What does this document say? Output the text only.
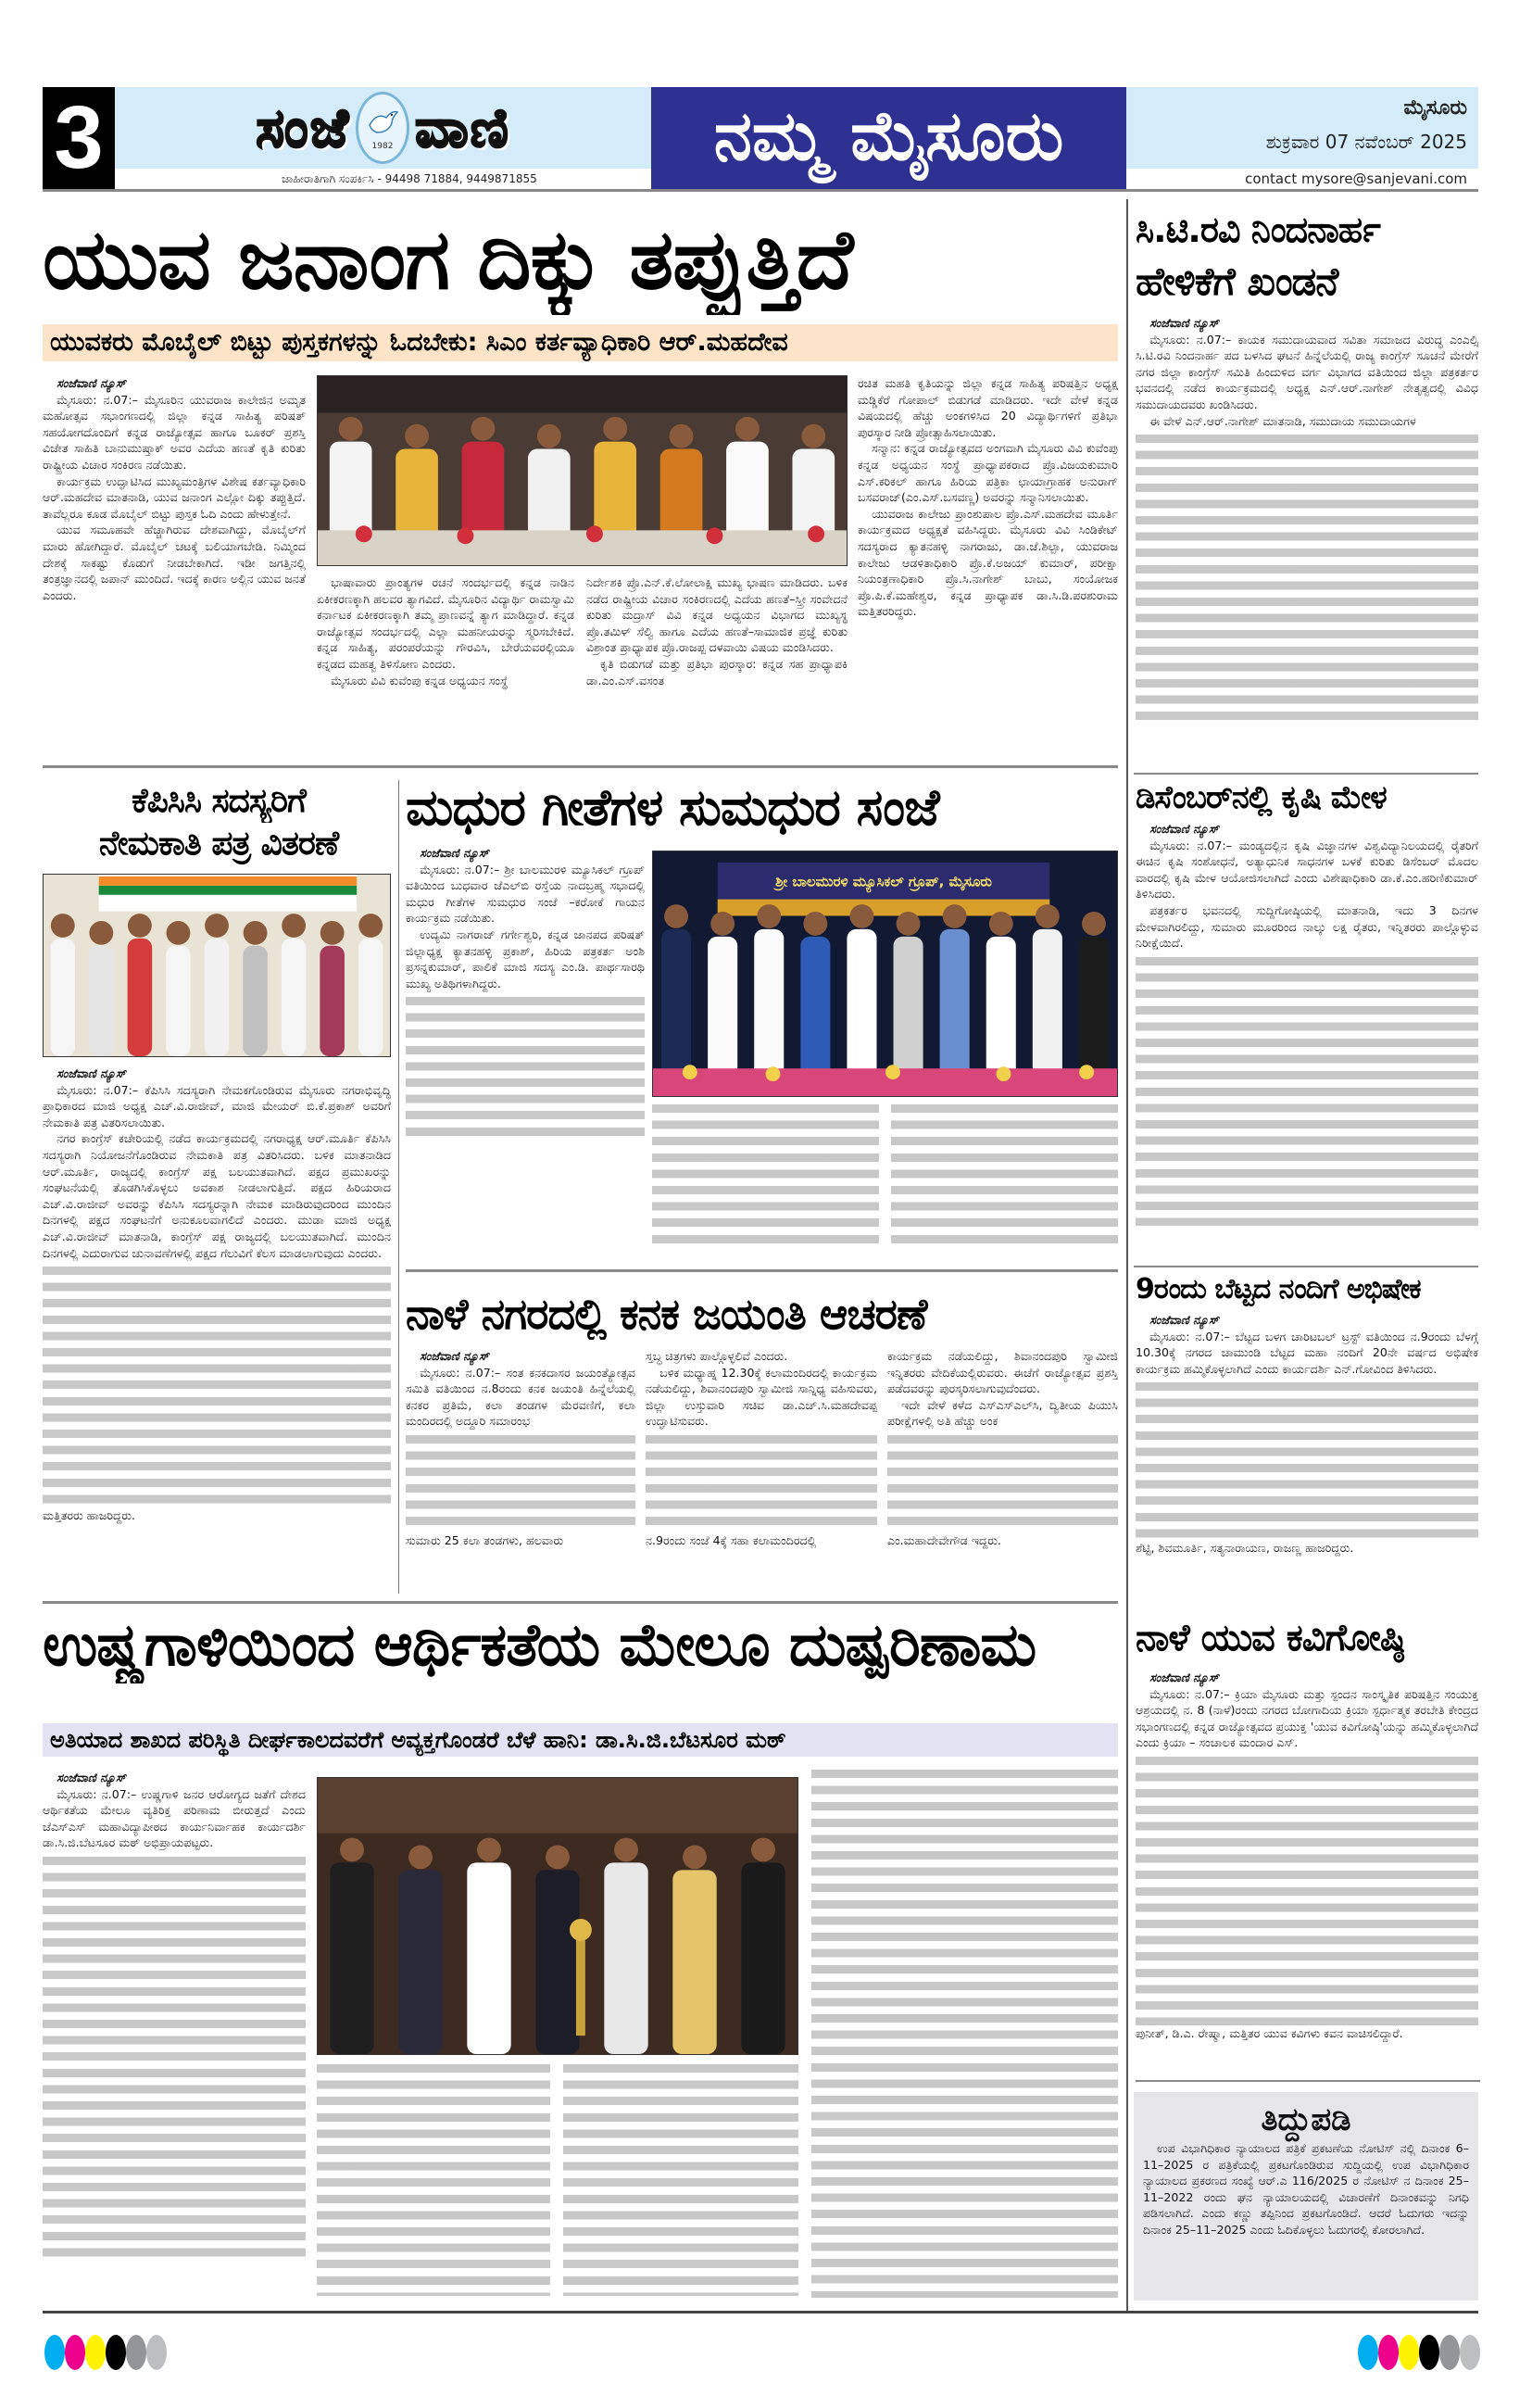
3	ಸಂಜೆ	1982 ವಾಣಿ
ಜಾಹೀರಾತಿಗಾಗಿ ಸಂಪರ್ಕಿಸಿ - 94498 71884, 9449871855
ನಮ್ಮ ಮೈಸೂರು	ಮೈಸೂರು
ಶುಕ್ರವಾರ 07 ನವೆಂಬರ್ 2025
contact mysore@sanjevani.com
ಯುವ ಜನಾಂಗ ದಿಕ್ಕು ತಪ್ಪುತ್ತಿದೆ
ಯುವಕರು ಮೊಬೈಲ್ ಬಿಟ್ಟು ಪುಸ್ತಕಗಳನ್ನು ಓದಬೇಕು: ಸಿಎಂ ಕರ್ತವ್ಯಾಧಿಕಾರಿ ಆರ್.ಮಹದೇವ
ಸಂಜೆವಾಣಿ ನ್ಯೂಸ್

ಮೈಸೂರು: ನ.07:– ಮೈಸೂರಿನ ಯುವರಾಜ ಕಾಲೇಜಿನ ಅಮೃತ ಮಹೋತ್ಸವ ಸಭಾಂಗಣದಲ್ಲಿ ಜಿಲ್ಲಾ ಕನ್ನಡ ಸಾಹಿತ್ಯ ಪರಿಷತ್ ಸಹಯೋಗದೊಂದಿಗೆ ಕನ್ನಡ ರಾಜ್ಯೋತ್ಸವ ಹಾಗೂ ಬೂಕರ್ ಪ್ರಶಸ್ತಿ ವಿಜೇತ ಸಾಹಿತಿ ಬಾನುಮುಷ್ತಾಕ್ ಅವರ ಎದೆಯ ಹಣತೆ ಕೃತಿ ಕುರಿತು ರಾಷ್ಟ್ರೀಯ ವಿಚಾರ ಸಂಕಿರಣ ನಡೆಯಿತು.

ಕಾರ್ಯಕ್ರಮ ಉದ್ಘಾಟಿಸಿದ ಮುಖ್ಯಮಂತ್ರಿಗಳ ವಿಶೇಷ ಕರ್ತವ್ಯಾಧಿಕಾರಿ ಆರ್.ಮಹದೇವ ಮಾತನಾಡಿ, ಯುವ ಜನಾಂಗ ಎಲ್ಲೋ ದಿಕ್ಕು ತಪ್ಪುತ್ತಿದೆ. ತಾವೆಲ್ಲರೂ ಕೂಡ ಮೊಬೈಲ್ ಬಿಟ್ಟು ಪುಸ್ತಕ ಓದಿ ಎಂದು ಹೇಳುತ್ತೇನೆ.

ಯುವ ಸಮೂಹವೇ ಹೆಚ್ಚಾಗಿರುವ ದೇಶವಾಗಿದ್ದು, ಮೊಬೈಲ್‌ಗೆ ಮಾರು ಹೋಗಿದ್ದಾರೆ. ಮೊಬೈಲ್ ಚಟಕ್ಕೆ ಬಲಿಯಾಗಬೇಡಿ. ನಿಮ್ಮಿಂದ ದೇಶಕ್ಕೆ ಸಾಕಷ್ಟು ಕೊಡುಗೆ ನೀಡಬೇಕಾಗಿದೆ. ಇಡೀ ಜಗತ್ತಿನಲ್ಲಿ ತಂತ್ರಜ್ಞಾನದಲ್ಲಿ ಜಪಾನ್ ಮುಂದಿದೆ. ಇದಕ್ಕೆ ಕಾರಣ ಅಲ್ಲಿನ ಯುವ ಜನತೆ ಎಂದರು.

ಭಾಷಾವಾರು ಪ್ರಾಂತ್ಯಗಳ ರಚನೆ ಸಂದರ್ಭದಲ್ಲಿ ಕನ್ನಡ ನಾಡಿನ ಏಕೀಕರಣಕ್ಕಾಗಿ ಹಲವರ ತ್ಯಾಗವಿದೆ. ಮೈಸೂರಿನ ವಿದ್ಯಾರ್ಥಿ ರಾಮಸ್ವಾಮಿ ಕರ್ನಾಟಕ ಏಕೀಕರಣಕ್ಕಾಗಿ ತಮ್ಮ ಪ್ರಾಣವನ್ನೆ ತ್ಯಾಗ ಮಾಡಿದ್ದಾರೆ. ಕನ್ನಡ ರಾಜ್ಯೋತ್ಸವ ಸಂದರ್ಭದಲ್ಲಿ ಎಲ್ಲಾ ಮಹನೀಯರನ್ನು ಸ್ಮರಿಸಬೇಕಿದೆ. ಕನ್ನಡ ಸಾಹಿತ್ಯ, ಪರಂಪರೆಯನ್ನು ಗೌರವಿಸಿ, ಬೇರೆಯವರಲ್ಲಿಯೂ ಕನ್ನಡದ ಮಹತ್ವ ತಿಳಿಸೋಣ ಎಂದರು.

ಮೈಸೂರು ವಿವಿ ಕುವೆಂಪು ಕನ್ನಡ ಅಧ್ಯಯನ ಸಂಸ್ಥೆ

ನಿರ್ದೇಶಕಿ ಪ್ರೊ.ಎನ್.ಕೆ.ಲೋಲಾಕ್ಷಿ ಮುಖ್ಯ ಭಾಷಣ ಮಾಡಿದರು. ಬಳಿಕ ನಡೆದ ರಾಷ್ಟ್ರೀಯ ವಿಚಾರ ಸಂಕಿರಣದಲ್ಲಿ ಎದೆಯ ಹಣತೆ–ಸ್ತ್ರೀ ಸಂವೇದನೆ ಕುರಿತು ಮದ್ರಾಸ್ ವಿವಿ ಕನ್ನಡ ಅಧ್ಯಯನ ವಿಭಾಗದ ಮುಖ್ಯಸ್ಥ ಪ್ರೊ.ತಮಿಳ್ ಸೆಲ್ವಿ ಹಾಗೂ ಎದೆಯ ಹಣತೆ–ಸಾಮಾಜಿಕ ಪ್ರಜ್ಞೆ ಕುರಿತು ವಿಶ್ರಾಂತ ಪ್ರಾಧ್ಯಾಪಕ ಪ್ರೊ.ರಾಜಪ್ಪ ದಳವಾಯಿ ವಿಷಯ ಮಂಡಿಸಿದರು.

ಕೃತಿ ಬಿಡುಗಡೆ ಮತ್ತು ಪ್ರತಿಭಾ ಪುರಸ್ಕಾರ: ಕನ್ನಡ ಸಹ ಪ್ರಾಧ್ಯಾಪಕಿ ಡಾ.ಎಂ.ಎಸ್.ವಸಂತ

ರಚಿತ ಮಹತಿ ಕೃತಿಯನ್ನು ಜಿಲ್ಲಾ ಕನ್ನಡ ಸಾಹಿತ್ಯ ಪರಿಷತ್ತಿನ ಅಧ್ಯಕ್ಷ ಮಡ್ಡಿಕೆರೆ ಗೋಪಾಲ್ ಬಿಡುಗಡೆ ಮಾಡಿದರು. ಇದೇ ವೇಳೆ ಕನ್ನಡ ವಿಷಯದಲ್ಲಿ ಹೆಚ್ಚು ಅಂಕಗಳಿಸಿದ 20 ವಿದ್ಯಾರ್ಥಿಗಳಿಗೆ ಪ್ರತಿಭಾ ಪುರಸ್ಕಾರ ನೀಡಿ ಪ್ರೋತ್ಸಾಹಿಸಲಾಯಿತು.

ಸನ್ಮಾನ: ಕನ್ನಡ ರಾಜ್ಯೋತ್ಸವದ ಅಂಗವಾಗಿ ಮೈಸೂರು ವಿವಿ ಕುವೆಂಪು ಕನ್ನಡ ಅಧ್ಯಯನ ಸಂಸ್ಥೆ ಪ್ರಾಧ್ಯಾಪಕರಾದ ಪ್ರೊ.ವಿಜಯಕುಮಾರಿ ಎಸ್.ಕರಿಕಲ್ ಹಾಗೂ ಹಿರಿಯ ಪತ್ರಿಕಾ ಛಾಯಾಗ್ರಾಹಕ ಅನುರಾಗ್ ಬಸವರಾಜ್(ಎಂ.ಎಸ್.ಬಸವಣ್ಣ) ಅವರನ್ನು ಸನ್ಮಾನಿಸಲಾಯಿತು.

ಯುವರಾಜ ಕಾಲೇಜು ಪ್ರಾಂಶುಪಾಲ ಪ್ರೊ.ಎಸ್.ಮಹದೇವ ಮೂರ್ತಿ ಕಾರ್ಯಕ್ರಮದ ಅಧ್ಯಕ್ಷತೆ ವಹಿಸಿದ್ದರು. ಮೈಸೂರು ವಿವಿ ಸಿಂಡಿಕೇಟ್ ಸದಸ್ಯರಾದ ಕ್ಯಾತನಹಳ್ಳಿ ನಾಗರಾಜು, ಡಾ.ಜೆ.ಶಿಲ್ಪಾ, ಯುವರಾಜ ಕಾಲೇಜು ಆಡಳಿತಾಧಿಕಾರಿ ಪ್ರೊ.ಕೆ.ಅಜಯ್ ಕುಮಾರ್, ಪರೀಕ್ಷಾ ನಿಯಂತ್ರಣಾಧಿಕಾರಿ ಪ್ರೊ.ಸಿ.ನಾಗೇಶ್ ಬಾಬು, ಸಂಯೋಜಕ ಪ್ರೊ.ಪಿ.ಕೆ.ಮಹೇಶ್ವರ, ಕನ್ನಡ ಪ್ರಾಧ್ಯಾಪಕ ಡಾ.ಸಿ.ಡಿ.ಪರಶುರಾಮ ಮತ್ತಿತರರಿದ್ದರು.

ಸಿ.ಟಿ.ರವಿ ನಿಂದನಾರ್ಹ
ಹೇಳಿಕೆಗೆ ಖಂಡನೆ
ಸಂಜೆವಾಣಿ ನ್ಯೂಸ್

ಮೈಸೂರು: ನ.07:– ಕಾಯಕ ಸಮುದಾಯವಾದ ಸವಿತಾ ಸಮಾಜದ ವಿರುದ್ಧ ಎಂಎಲ್ಸಿ ಸಿ.ಟಿ.ರವಿ ನಿಂದನಾರ್ಹ ಪದ ಬಳಸಿದ ಘಟನೆ ಹಿನ್ನೆಲೆಯಲ್ಲಿ ರಾಜ್ಯ ಕಾಂಗ್ರೆಸ್ ಸೂಚನೆ ಮೇರೆಗೆ ನಗರ ಜಿಲ್ಲಾ ಕಾಂಗ್ರೆಸ್ ಸಮಿತಿ ಹಿಂದುಳಿದ ವರ್ಗ ವಿಭಾಗದ ವತಿಯಿಂದ ಜಿಲ್ಲಾ ಪತ್ರಕರ್ತರ ಭವನದಲ್ಲಿ ನಡೆದ ಕಾರ್ಯಕ್ರಮದಲ್ಲಿ ಅಧ್ಯಕ್ಷ ಎನ್.ಆರ್.ನಾಗೇಶ್ ನೇತೃತ್ವದಲ್ಲಿ ವಿವಿಧ ಸಮುದಾಯದವರು ಖಂಡಿಸಿದರು.

ಈ ವೇಳೆ ಎನ್.ಆರ್.ನಾಗೇಶ್ ಮಾತನಾಡಿ, ಸಮುದಾಯ ಸಮುದಾಯಗಳ

ಕೆಪಿಸಿಸಿ ಸದಸ್ಯರಿಗೆ
ನೇಮಕಾತಿ ಪತ್ರ ವಿತರಣೆ
ಸಂಜೆವಾಣಿ ನ್ಯೂಸ್

ಮೈಸೂರು: ನ.07:– ಕೆಪಿಸಿಸಿ ಸದಸ್ಯರಾಗಿ ನೇಮಕಗೊಂಡಿರುವ ಮೈಸೂರು ನಗರಾಭಿವೃದ್ಧಿ ಪ್ರಾಧಿಕಾರದ ಮಾಜಿ ಅಧ್ಯಕ್ಷ ಎಚ್.ವಿ.ರಾಜೀವ್, ಮಾಜಿ ಮೇಯರ್ ಬಿ.ಕೆ.ಪ್ರಕಾಶ್ ಅವರಿಗೆ ನೇಮಕಾತಿ ಪತ್ರ ವಿತರಿಸಲಾಯಿತು.

ನಗರ ಕಾಂಗ್ರೆಸ್ ಕಚೇರಿಯಲ್ಲಿ ನಡೆದ ಕಾರ್ಯಕ್ರಮದಲ್ಲಿ ನಗರಾಧ್ಯಕ್ಷ ಆರ್.ಮೂರ್ತಿ ಕೆಪಿಸಿಸಿ ಸದಸ್ಯರಾಗಿ ನಿಯೋಜನೆಗೊಂಡಿರುವ ನೇಮಕಾತಿ ಪತ್ರ ವಿತರಿಸಿದರು. ಬಳಿಕ ಮಾತನಾಡಿದ ಆರ್.ಮೂರ್ತಿ, ರಾಜ್ಯದಲ್ಲಿ ಕಾಂಗ್ರೆಸ್ ಪಕ್ಷ ಬಲಯುತವಾಗಿದೆ. ಪಕ್ಷದ ಪ್ರಮುಖರನ್ನು ಸಂಘಟನೆಯಲ್ಲಿ ತೊಡಗಿಸಿಕೊಳ್ಳಲು ಅವಕಾಶ ನೀಡಲಾಗುತ್ತಿದೆ. ಪಕ್ಷದ ಹಿರಿಯರಾದ ಎಚ್.ವಿ.ರಾಜೀವ್ ಅವರನ್ನು ಕೆಪಿಸಿಸಿ ಸದಸ್ಯರನ್ನಾಗಿ ನೇಮಕ ಮಾಡಿರುವುದರಿಂದ ಮುಂದಿನ ದಿನಗಳಲ್ಲಿ ಪಕ್ಷದ ಸಂಘಟನೆಗೆ ಅನುಕೂಲವಾಗಲಿದೆ ಎಂದರು. ಮುಡಾ ಮಾಜಿ ಅಧ್ಯಕ್ಷ ಎಚ್.ವಿ.ರಾಜೀವ್ ಮಾತನಾಡಿ, ಕಾಂಗ್ರೆಸ್ ಪಕ್ಷ ರಾಜ್ಯದಲ್ಲಿ ಬಲಯುತವಾಗಿದೆ. ಮುಂದಿನ ದಿನಗಳಲ್ಲಿ ಎದುರಾಗುವ ಚುನಾವಣೆಗಳಲ್ಲಿ ಪಕ್ಷದ ಗೆಲುವಿಗೆ ಕೆಲಸ ಮಾಡಲಾಗುವುದು ಎಂದರು.

ಮತ್ತಿತರರು ಹಾಜರಿದ್ದರು.
ಮಧುರ ಗೀತೆಗಳ ಸುಮಧುರ ಸಂಜೆ
ಸಂಜೆವಾಣಿ ನ್ಯೂಸ್

ಮೈಸೂರು: ನ.07:– ಶ್ರೀ ಬಾಲಮುರಳಿ ಮ್ಯೂಸಿಕಲ್ ಗ್ರೂಪ್ ವತಿಯಿಂದ ಬುಧವಾರ ಜೆಎಲ್‌ಬಿ ರಸ್ತೆಯ ನಾದಬ್ರಹ್ಮ ಸಭಾದಲ್ಲಿ ಮಧುರ ಗೀತೆಗಳ ಸುಮಧುರ ಸಂಜೆ –ಕರೋಕೆ ಗಾಯನ ಕಾರ್ಯಕ್ರಮ ನಡೆಯಿತು.

ಉದ್ಯಮಿ ನಾಗರಾಜ್ ಗರ್ಗೇಶ್ವರಿ, ಕನ್ನಡ ಜಾನಪದ ಪರಿಷತ್ ಜಿಲ್ಲಾಧ್ಯಕ್ಷ ಕ್ಯಾತನಹಳ್ಳಿ ಪ್ರಕಾಶ್, ಹಿರಿಯ ಪತ್ರಕರ್ತ ಅಂಶಿ ಪ್ರಸನ್ನಕುಮಾರ್, ಪಾಲಿಕೆ ಮಾಜಿ ಸದಸ್ಯ ಎಂ.ಡಿ. ಪಾರ್ಥಸಾರಥಿ ಮುಖ್ಯ ಅತಿಥಿಗಳಾಗಿದ್ದರು.

ಶ್ರೀ ಬಾಲಮುರಳಿ ಮ್ಯೂಸಿಕಲ್ ಗ್ರೂಪ್, ಮೈಸೂರು
ಡಿಸೆಂಬರ್‌ನಲ್ಲಿ ಕೃಷಿ ಮೇಳ
ಸಂಜೆವಾಣಿ ನ್ಯೂಸ್

ಮೈಸೂರು: ನ.07:– ಮಂಡ್ಯದಲ್ಲಿನ ಕೃಷಿ ವಿಜ್ಞಾನಗಳ ವಿಶ್ವವಿದ್ಯಾನಿಲಯದಲ್ಲಿ ರೈತರಿಗೆ ಈಚಿನ ಕೃಷಿ ಸಂಶೋಧನೆ, ಅತ್ಯಾಧುನಿಕ ಸಾಧನಗಳ ಬಳಕೆ ಕುರಿತು ಡಿಸೆಂಬರ್ ಮೊದಲ ವಾರದಲ್ಲಿ ಕೃಷಿ ಮೇಳ ಆಯೋಜಿಸಲಾಗಿದೆ ಎಂದು ವಿಶೇಷಾಧಿಕಾರಿ ಡಾ.ಕೆ.ಎಂ.ಹರಿಣಿಕುಮಾರ್ ತಿಳಿಸಿದರು.

ಪತ್ರಕರ್ತರ ಭವನದಲ್ಲಿ ಸುದ್ದಿಗೋಷ್ಠಿಯಲ್ಲಿ ಮಾತನಾಡಿ, ಇದು 3 ದಿನಗಳ ಮೇಳವಾಗಿರಲಿದ್ದು, ಸುಮಾರು ಮೂರರಿಂದ ನಾಲ್ಕು ಲಕ್ಷ ರೈತರು, ಇನ್ನಿತರರು ಪಾಲ್ಗೊಳ್ಳುವ ನಿರೀಕ್ಷೆಯಿದೆ.

ನಾಳೆ ನಗರದಲ್ಲಿ ಕನಕ ಜಯಂತಿ ಆಚರಣೆ
ಸಂಜೆವಾಣಿ ನ್ಯೂಸ್

ಮೈಸೂರು: ನ.07:– ಸಂತ ಕನಕದಾಸರ ಜಯಂತ್ಯೋತ್ಸವ ಸಮಿತಿ ವತಿಯಿಂದ ನ.8ರಂದು ಕನಕ ಜಯಂತಿ ಹಿನ್ನೆಲೆಯಲ್ಲಿ ಕನಕರ ಪ್ರತಿಮೆ, ಕಲಾ ತಂಡಗಳ ಮೆರವಣಿಗೆ, ಕಲಾ ಮಂದಿರದಲ್ಲಿ ಅದ್ದೂರಿ ಸಮಾರಂಭ

ಸುಮಾರು 25 ಕಲಾ ತಂಡಗಳು, ಹಲವಾರು
ಸ್ತಬ್ಧ ಚಿತ್ರಗಳು ಪಾಲ್ಗೊಳ್ಳಲಿವೆ ಎಂದರು.

ಬಳಿಕ ಮಧ್ಯಾಹ್ನ 12.30ಕ್ಕೆ ಕಲಾಮಂದಿರದಲ್ಲಿ ಕಾರ್ಯಕ್ರಮ ನಡೆಯಲಿದ್ದು, ಶಿವಾನಂದಪುರಿ ಸ್ವಾಮೀಜಿ ಸಾನ್ನಿಧ್ಯ ವಹಿಸುವರು, ಜಿಲ್ಲಾ ಉಸ್ತುವಾರಿ ಸಚಿವ ಡಾ.ಎಚ್.ಸಿ.ಮಹದೇವಪ್ಪ ಉದ್ಘಾಟಿಸುವರು.

ನ.9ರಂದು ಸಂಜೆ 4ಕ್ಕೆ ಸಹಾ ಕಲಾಮಂದಿರದಲ್ಲಿ
ಕಾರ್ಯಕ್ರಮ ನಡೆಯಲಿದ್ದು, ಶಿವಾನಂದಪುರಿ ಸ್ವಾಮೀಜಿ ಇನ್ನಿತರರು ವೇದಿಕೆಯಲ್ಲಿರುವರು. ಈಚೆಗೆ ರಾಜ್ಯೋತ್ಸವ ಪ್ರಶಸ್ತಿ ಪಡೆದವರನ್ನು ಪುರಸ್ಕರಿಸಲಾಗುವುದೆಂದರು.

ಇದೇ ವೇಳೆ ಕಳೆದ ಎಸ್‌ಎಸ್‌ಎಲ್‌ಸಿ, ದ್ವಿತೀಯ ಪಿಯುಸಿ ಪರೀಕ್ಷೆಗಳಲ್ಲಿ ಅತಿ ಹೆಚ್ಚು ಅಂಕ

ಎಂ.ಮಹಾದೇವೇಗೌಡ ಇದ್ದರು.
9ರಂದು ಬೆಟ್ಟದ ನಂದಿಗೆ ಅಭಿಷೇಕ
ಸಂಜೆವಾಣಿ ನ್ಯೂಸ್

ಮೈಸೂರು: ನ.07:– ಬೆಟ್ಟದ ಬಳಗ ಚಾರಿಟಬಲ್ ಟ್ರಸ್ಟ್ ವತಿಯಿಂದ ನ.9ರಂದು ಬೆಳಗ್ಗೆ 10.30ಕ್ಕೆ ನಗರದ ಚಾಮುಂಡಿ ಬೆಟ್ಟದ ಮಹಾ ನಂದಿಗೆ 20ನೇ ವರ್ಷದ ಅಭಿಷೇಕ ಕಾರ್ಯಕ್ರಮ ಹಮ್ಮಿಕೊಳ್ಳಲಾಗಿದೆ ಎಂದು ಕಾರ್ಯದರ್ಶಿ ಎನ್.ಗೋವಿಂದ ತಿಳಿಸಿದರು.

ಶೆಟ್ಟಿ, ಶಿವಮೂರ್ತಿ, ಸತ್ಯನಾರಾಯಣ, ರಾಜಣ್ಣ ಹಾಜರಿದ್ದರು.
ಉಷ್ಣಗಾಳಿಯಿಂದ ಆರ್ಥಿಕತೆಯ ಮೇಲೂ ದುಷ್ಪರಿಣಾಮ
ಅತಿಯಾದ ಶಾಖದ ಪರಿಸ್ಥಿತಿ ದೀರ್ಘಕಾಲದವರೆಗೆ ಅವ್ಯಕ್ತಗೊಂಡರೆ ಬೆಳೆ ಹಾನಿ: ಡಾ.ಸಿ.ಜಿ.ಬೆಟಸೂರ ಮಠ್
ಸಂಜೆವಾಣಿ ನ್ಯೂಸ್

ಮೈಸೂರು: ನ.07:– ಉಷ್ಣಗಾಳಿ ಜನರ ಆರೋಗ್ಯದ ಜತೆಗೆ ದೇಶದ ಆರ್ಥಿಕತೆಯ ಮೇಲೂ ವ್ಯತಿರಿಕ್ತ ಪರಿಣಾಮ ಬೀರುತ್ತದೆ ಎಂದು ಜೆಎಸ್‌ಎಸ್ ಮಹಾವಿದ್ಯಾಪೀಠದ ಕಾರ್ಯನಿರ್ವಾಹಕ ಕಾರ್ಯದರ್ಶಿ ಡಾ.ಸಿ.ಜಿ.ಬೆಟಸೂರ ಮಠ್ ಅಭಿಪ್ರಾಯಪಟ್ಟರು.

ನಾಳೆ ಯುವ ಕವಿಗೋಷ್ಠಿ
ಸಂಜೆವಾಣಿ ನ್ಯೂಸ್

ಮೈಸೂರು: ನ.07:– ಕ್ರಿಯಾ ಮೈಸೂರು ಮತ್ತು ಸ್ಪಂದನ ಸಾಂಸ್ಕೃತಿಕ ಪರಿಷತ್ತಿನ ಸಂಯುಕ್ತ ಆಶ್ರಯದಲ್ಲಿ ನ. 8 (ನಾಳೆ)ರಂದು ನಗರದ ಬೋಗಾದಿಯ ಕ್ರಿಯಾ ಸ್ಪರ್ಧಾತ್ಮಕ ತರಬೇತಿ ಕೇಂದ್ರದ ಸಭಾಂಗಣದಲ್ಲಿ ಕನ್ನಡ ರಾಜ್ಯೋತ್ಸವದ ಪ್ರಯುಕ್ತ 'ಯುವ ಕವಿಗೋಷ್ಠಿ'ಯನ್ನು ಹಮ್ಮಿಕೊಳ್ಳಲಾಗಿದೆ ಎಂದು ಕ್ರಿಯಾ – ಸಂಚಾಲಕ ಮಂದಾರ ಎಸ್.

ಪುನೀತ್, ಡಿ.ಎ. ರೇಷ್ಮಾ, ಮತ್ತಿತರ ಯುವ ಕವಿಗಳು ಕವನ ವಾಚಿಸಲಿದ್ದಾರೆ.
ತಿದ್ದುಪಡಿ
ಉಪ ವಿಭಾಗಿಧಿಕಾರ ನ್ಯಾಯಾಲದ ಪತ್ರಿಕೆ ಪ್ರಕಟಣೆಯ ನೋಟಿಸ್ ನಲ್ಲಿ ದಿನಾಂಕ 6–11–2025 ರ ಪತ್ರಿಕೆಯಲ್ಲಿ ಪ್ರಕಟಗೊಂಡಿರುವ ಸುದ್ದಿಯಲ್ಲಿ ಉಪ ವಿಭಾಗಿಧಿಕಾರ ನ್ಯಾಯಾಲದ ಪ್ರಕರಣದ ಸಂಖ್ಯೆ ಆರ್.ಎ 116/2025 ರ ನೋಟಿಸ್ ನ ದಿನಾಂಕ 25–11–2022 ರಂದು ಘನ ನ್ಯಾಯಾಲಯದಲ್ಲಿ ವಿಚಾರಣೆಗೆ ದಿನಾಂಕವನ್ನು ನಿಗಧಿ ಪಡಿಸಲಾಗಿದೆ. ಎಂದು ಕಣ್ಣು ತಪ್ಪಿನಿಂದ ಪ್ರಕಟಗೊಂಡಿದೆ. ಆದರೆ ಓದುಗರು ಇದನ್ನು ದಿನಾಂಕ 25–11–2025 ಎಂದು ಓದಿಕೊಳ್ಳಲು ಓದುಗರಲ್ಲಿ ಕೋರಲಾಗಿದೆ.
